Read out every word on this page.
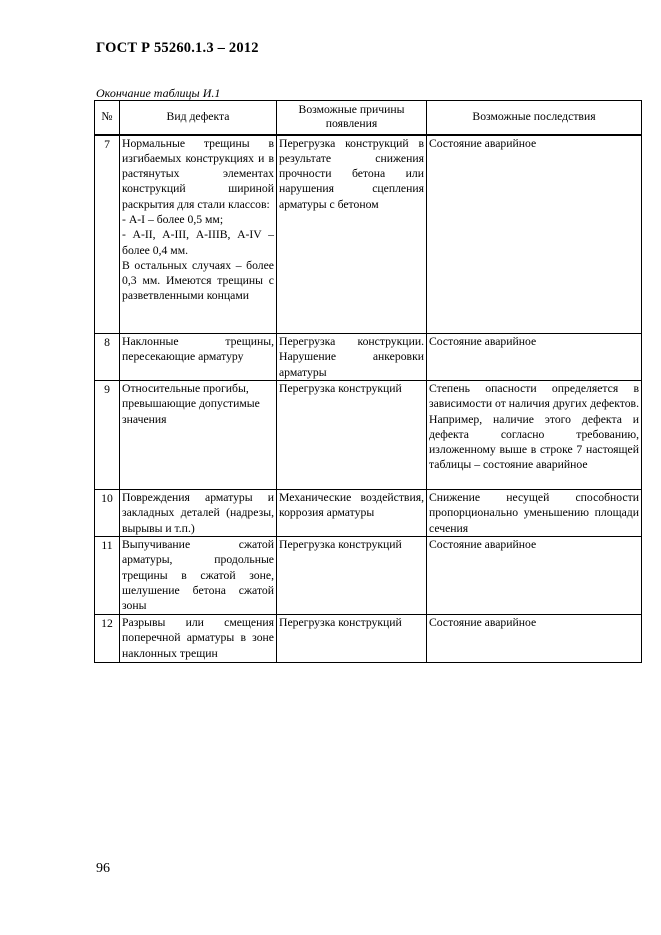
ГОСТ Р 55260.1.3 – 2012
Окончание таблицы И.1
№	Вид дефекта	Возможные причины появления	Возможные последствия
7	Нормальные трещины в изгибаемых конструкциях и в растянутых элементах конструкций шириной раскрытия для стали классов:
- А-I – более 0,5 мм;
- А-II, А-III, А-IIIВ, А-IV – более 0,4 мм.
В остальных случаях – более 0,3 мм. Имеются трещины с разветвленными концами	Перегрузка конструкций в результате снижения прочности бетона или нарушения сцепления арматуры с бетоном	Состояние аварийное
8	Наклонные трещины, пересекающие арматуру	Перегрузка конструкции. Нарушение анкеровки арматуры	Состояние аварийное
9	Относительные прогибы, превышающие допустимые значения	Перегрузка конструкций	Степень опасности определяется в зависимости от наличия других дефектов. Например, наличие этого дефекта и дефекта согласно требованию, изложенному выше в строке 7 настоящей таблицы – состояние аварийное
10	Повреждения арматуры и закладных деталей (надрезы, вырывы и т.п.)	Механические воздействия, коррозия арматуры	Снижение несущей способности пропорционально уменьшению площади сечения
11	Выпучивание сжатой арматуры, продольные трещины в сжатой зоне, шелушение бетона сжатой зоны	Перегрузка конструкций	Состояние аварийное
12	Разрывы или смещения поперечной арматуры в зоне наклонных трещин	Перегрузка конструкций	Состояние аварийное
96
